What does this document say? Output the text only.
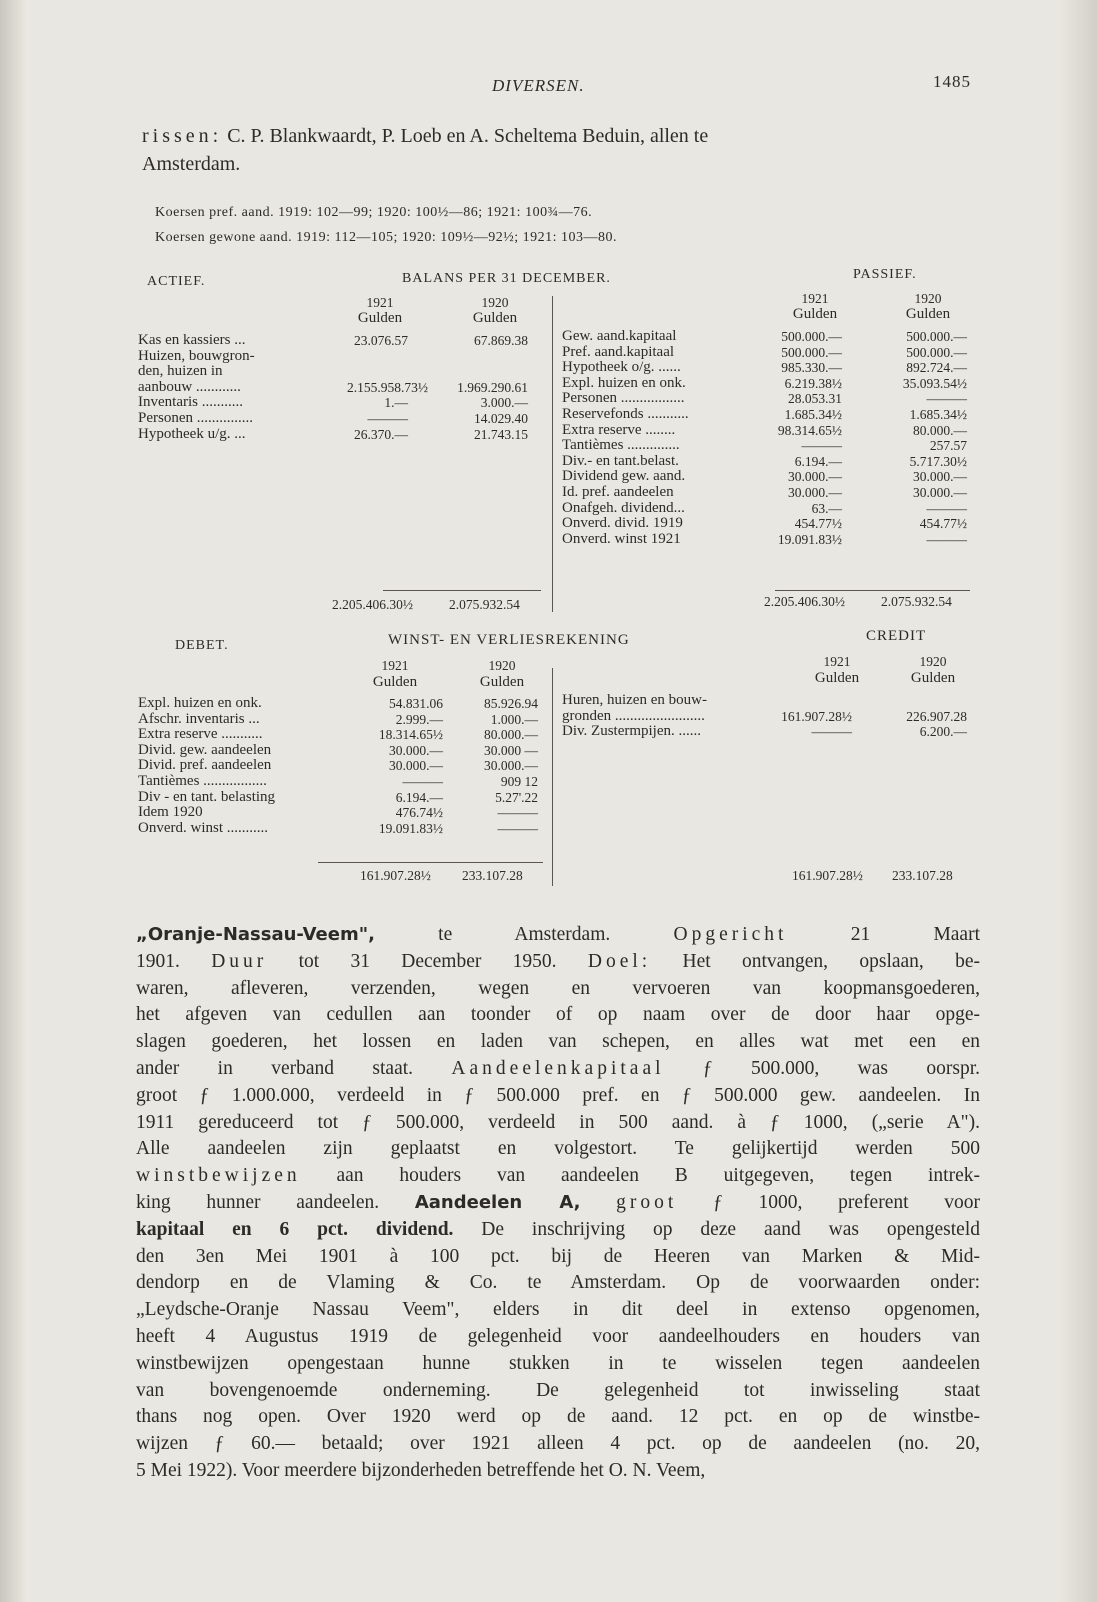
DIVERSEN.	1485
rissen: C. P. Blankwaardt, P. Loeb en A. Scheltema Beduin, allen te
Amsterdam.
Koersen pref. aand. 1919: 102—99; 1920: 100½—86; 1921: 100¾—76.
Koersen gewone aand. 1919: 112—105; 1920: 109½—92½; 1921: 103—80.
ACTIEF.	BALANS PER 31 DECEMBER.	PASSIEF.
1921	1920
Gulden	Gulden
1921	1920
Gulden	Gulden
Kas en kassiers ...	23.076.57	67.869.38
Huizen, bouwgron-
den, huizen in
aanbouw ............	2.155.958.73½	1.969.290.61
Inventaris ...........	1.—	3.000.—
Personen ...............	———	14.029.40
Hypotheek u/g. ...	26.370.—	21.743.15
Gew. aand.kapitaal	500.000.—	500.000.—
Pref. aand.kapitaal	500.000.—	500.000.—
Hypotheek o/g. ......	985.330.—	892.724.—
Expl. huizen en onk.	6.219.38½	35.093.54½
Personen .................	28.053.31	———
Reservefonds ...........	1.685.34½	1.685.34½
Extra reserve ........	98.314.65½	80.000.—
Tantièmes ..............	———	257.57
Div.- en tant.belast.	6.194.—	5.717.30½
Dividend gew. aand.	30.000.—	30.000.—
Id. pref. aandeelen	30.000.—	30.000.—
Onafgeh. dividend...	63.—	———
Onverd. divid. 1919	454.77½	454.77½
Onverd. winst 1921	19.091.83½	———
2.205.406.30½	2.075.932.54	2.205.406.30½	2.075.932.54
DEBET.	WINST- EN VERLIESREKENING	CREDIT
1921	1920
Gulden	Gulden
1921	1920
Gulden	Gulden
Expl. huizen en onk.	54.831.06	85.926.94
Afschr. inventaris ...	2.999.—	1.000.—
Extra reserve ...........	18.314.65½	80.000.—
Divid. gew. aandeelen	30.000.—	30.000 —
Divid. pref. aandeelen	30.000.—	30.000.—
Tantièmes .................	———	909 12
Div - en tant. belasting	6.194.—	5.27'.22
Idem 1920	476.74½	———
Onverd. winst ...........	19.091.83½	———
Huren, huizen en bouw-
gronden ........................	161.907.28½	226.907.28
Div. Zustermpijen. ......	———	6.200.—
161.907.28½ 233.107.28	161.907.28½ 233.107.28
„Oranje-Nassau-Veem", te Amsterdam. Opgericht 21 Maart
1901. Duur tot 31 December 1950. Doel: Het ontvangen, opslaan, be-
waren, afleveren, verzenden, wegen en vervoeren van koopmansgoederen,
het afgeven van cedullen aan toonder of op naam over de door haar opge-
slagen goederen, het lossen en laden van schepen, en alles wat met een en
ander in verband staat. Aandeelenkapitaal ƒ 500.000, was oorspr.
groot ƒ 1.000.000, verdeeld in ƒ 500.000 pref. en ƒ 500.000 gew. aandeelen. In
1911 gereduceerd tot ƒ 500.000, verdeeld in 500 aand. à ƒ 1000, („serie A").
Alle aandeelen zijn geplaatst en volgestort. Te gelijkertijd werden 500
winstbewijzen aan houders van aandeelen B uitgegeven, tegen intrek-
king hunner aandeelen. Aandeelen A, groot ƒ 1000, preferent voor
kapitaal en 6 pct. dividend. De inschrijving op deze aand was opengesteld
den 3en Mei 1901 à 100 pct. bij de Heeren van Marken & Mid-
dendorp en de Vlaming & Co. te Amsterdam. Op de voorwaarden onder:
„Leydsche-Oranje Nassau Veem", elders in dit deel in extenso opgenomen,
heeft 4 Augustus 1919 de gelegenheid voor aandeelhouders en houders van
winstbewijzen opengestaan hunne stukken in te wisselen tegen aandeelen
van bovengenoemde onderneming. De gelegenheid tot inwisseling staat
thans nog open. Over 1920 werd op de aand. 12 pct. en op de winstbe-
wijzen ƒ 60.— betaald; over 1921 alleen 4 pct. op de aandeelen (no. 20,
5 Mei 1922). Voor meerdere bijzonderheden betreffende het O. N. Veem,
